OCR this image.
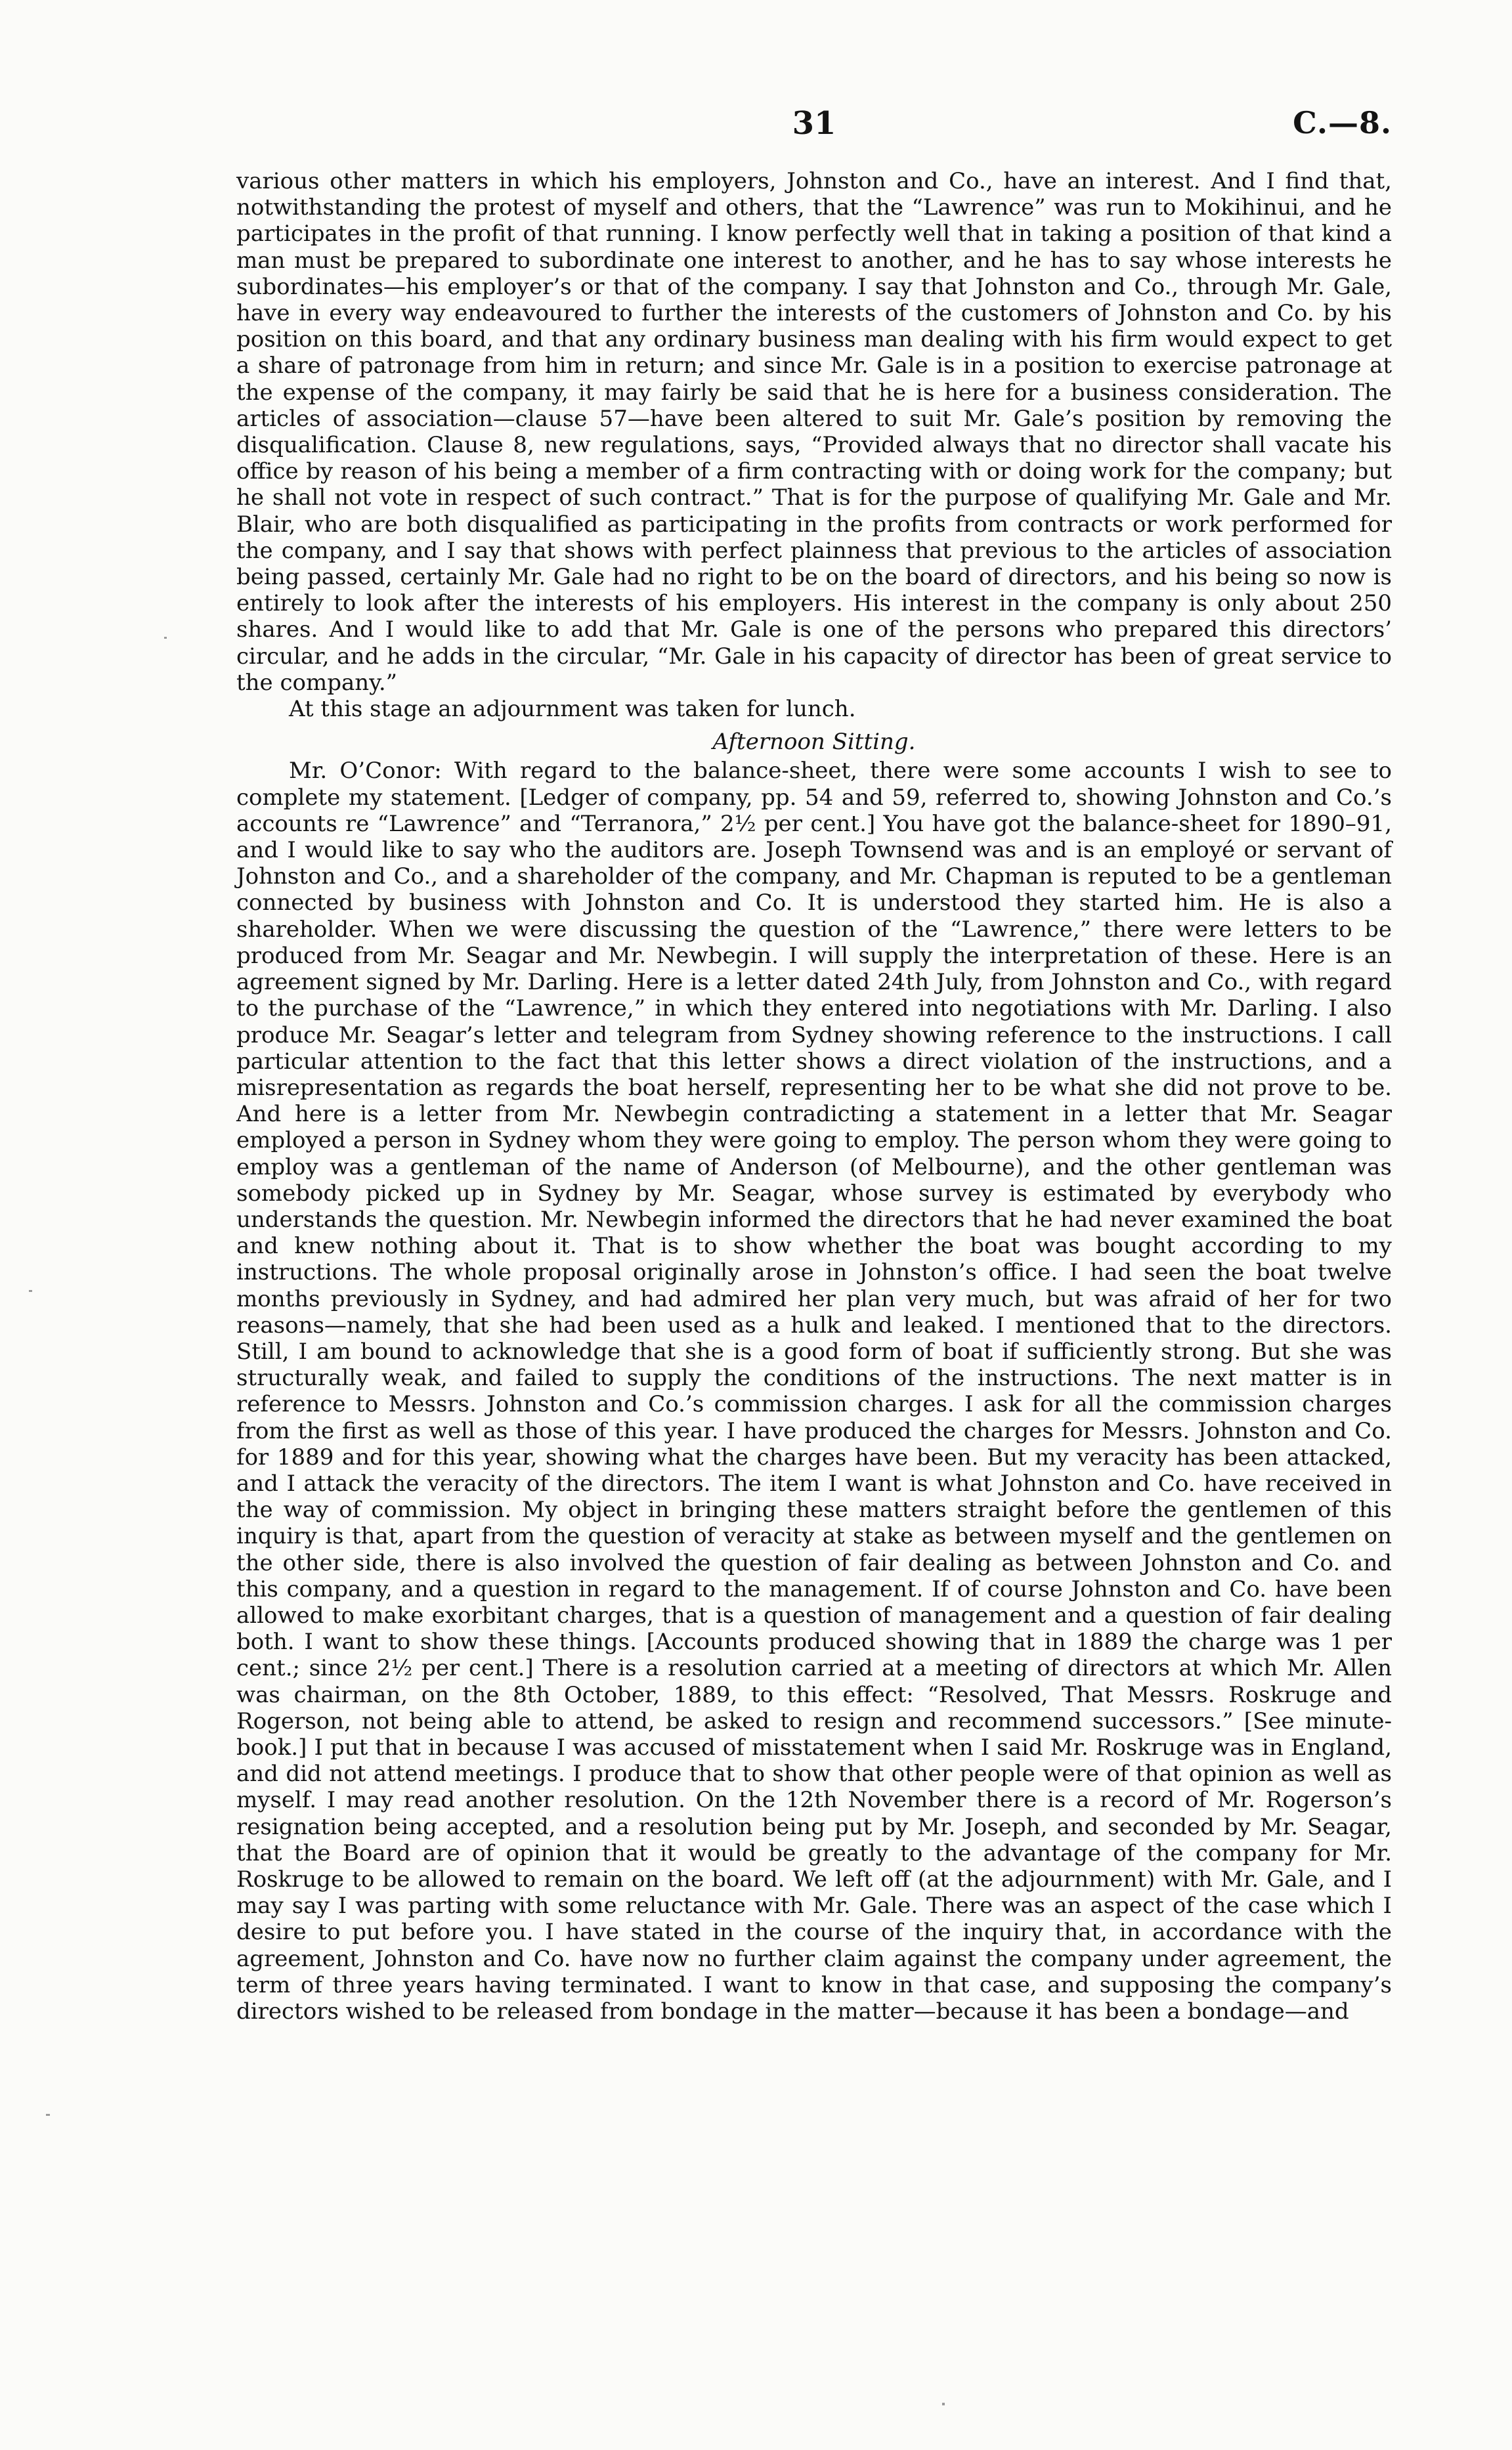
31	C.—8.

various other matters in which his employers, Johnston and Co., have an interest. And I find that, notwithstanding the protest of myself and others, that the “Lawrence” was run to Mokihinui, and he participates in the profit of that running. I know perfectly well that in taking a position of that kind a man must be prepared to subordinate one interest to another, and he has to say whose interests he subordinates—his employer’s or that of the company. I say that Johnston and Co., through Mr. Gale, have in every way endeavoured to further the interests of the customers of Johnston and Co. by his position on this board, and that any ordinary business man dealing with his firm would expect to get a share of patronage from him in return; and since Mr. Gale is in a position to exercise patronage at the expense of the company, it may fairly be said that he is here for a business consideration. The articles of association—clause 57—have been altered to suit Mr. Gale’s position by removing the disqualification. Clause 8, new regulations, says, “Provided always that no director shall vacate his office by reason of his being a member of a firm contracting with or doing work for the company; but he shall not vote in respect of such contract.” That is for the purpose of qualifying Mr. Gale and Mr. Blair, who are both disqualified as participating in the profits from contracts or work performed for the company, and I say that shows with perfect plainness that previous to the articles of association being passed, certainly Mr. Gale had no right to be on the board of directors, and his being so now is entirely to look after the interests of his employers. His interest in the company is only about 250 shares. And I would like to add that Mr. Gale is one of the persons who prepared this directors’ circular, and he adds in the circular, “Mr. Gale in his capacity of director has been of great service to the company.”

At this stage an adjournment was taken for lunch.

Afternoon Sitting.

Mr. O’Conor: With regard to the balance-sheet, there were some accounts I wish to see to complete my statement. [Ledger of company, pp. 54 and 59, referred to, showing Johnston and Co.’s accounts re “Lawrence” and “Terranora,” 2½ per cent.] You have got the balance-sheet for 1890–91, and I would like to say who the auditors are. Joseph Townsend was and is an employé or servant of Johnston and Co., and a shareholder of the company, and Mr. Chapman is reputed to be a gentleman connected by business with Johnston and Co. It is understood they started him. He is also a shareholder. When we were discussing the question of the “Lawrence,” there were letters to be produced from Mr. Seagar and Mr. Newbegin. I will supply the interpretation of these. Here is an agreement signed by Mr. Darling. Here is a letter dated 24th July, from Johnston and Co., with regard to the purchase of the “Lawrence,” in which they entered into negotiations with Mr. Darling. I also produce Mr. Seagar’s letter and telegram from Sydney showing reference to the instructions. I call particular attention to the fact that this letter shows a direct violation of the instructions, and a misrepresentation as regards the boat herself, representing her to be what she did not prove to be. And here is a letter from Mr. Newbegin contradicting a statement in a letter that Mr. Seagar employed a person in Sydney whom they were going to employ. The person whom they were going to employ was a gentleman of the name of Anderson (of Melbourne), and the other gentleman was somebody picked up in Sydney by Mr. Seagar, whose survey is estimated by everybody who understands the question. Mr. Newbegin informed the directors that he had never examined the boat and knew nothing about it. That is to show whether the boat was bought according to my instructions. The whole proposal originally arose in Johnston’s office. I had seen the boat twelve months previously in Sydney, and had admired her plan very much, but was afraid of her for two reasons—namely, that she had been used as a hulk and leaked. I mentioned that to the directors. Still, I am bound to acknowledge that she is a good form of boat if sufficiently strong. But she was structurally weak, and failed to supply the conditions of the instructions. The next matter is in reference to Messrs. Johnston and Co.’s commission charges. I ask for all the commission charges from the first as well as those of this year. I have produced the charges for Messrs. Johnston and Co. for 1889 and for this year, showing what the charges have been. But my veracity has been attacked, and I attack the veracity of the directors. The item I want is what Johnston and Co. have received in the way of commission. My object in bringing these matters straight before the gentlemen of this inquiry is that, apart from the question of veracity at stake as between myself and the gentlemen on the other side, there is also involved the question of fair dealing as between Johnston and Co. and this company, and a question in regard to the management. If of course Johnston and Co. have been allowed to make exorbitant charges, that is a question of management and a question of fair dealing both. I want to show these things. [Accounts produced showing that in 1889 the charge was 1 per cent.; since 2½ per cent.] There is a resolution carried at a meeting of directors at which Mr. Allen was chairman, on the 8th October, 1889, to this effect: “Resolved, That Messrs. Roskruge and Rogerson, not being able to attend, be asked to resign and recommend successors.” [See minute-book.] I put that in because I was accused of misstatement when I said Mr. Roskruge was in England, and did not attend meetings. I produce that to show that other people were of that opinion as well as myself. I may read another resolution. On the 12th November there is a record of Mr. Rogerson’s resignation being accepted, and a resolution being put by Mr. Joseph, and seconded by Mr. Seagar, that the Board are of opinion that it would be greatly to the advantage of the company for Mr. Roskruge to be allowed to remain on the board. We left off (at the adjournment) with Mr. Gale, and I may say I was parting with some reluctance with Mr. Gale. There was an aspect of the case which I desire to put before you. I have stated in the course of the inquiry that, in accordance with the agreement, Johnston and Co. have now no further claim against the company under agreement, the term of three years having terminated. I want to know in that case, and supposing the company’s directors wished to be released from bondage in the matter—because it has been a bondage—and
